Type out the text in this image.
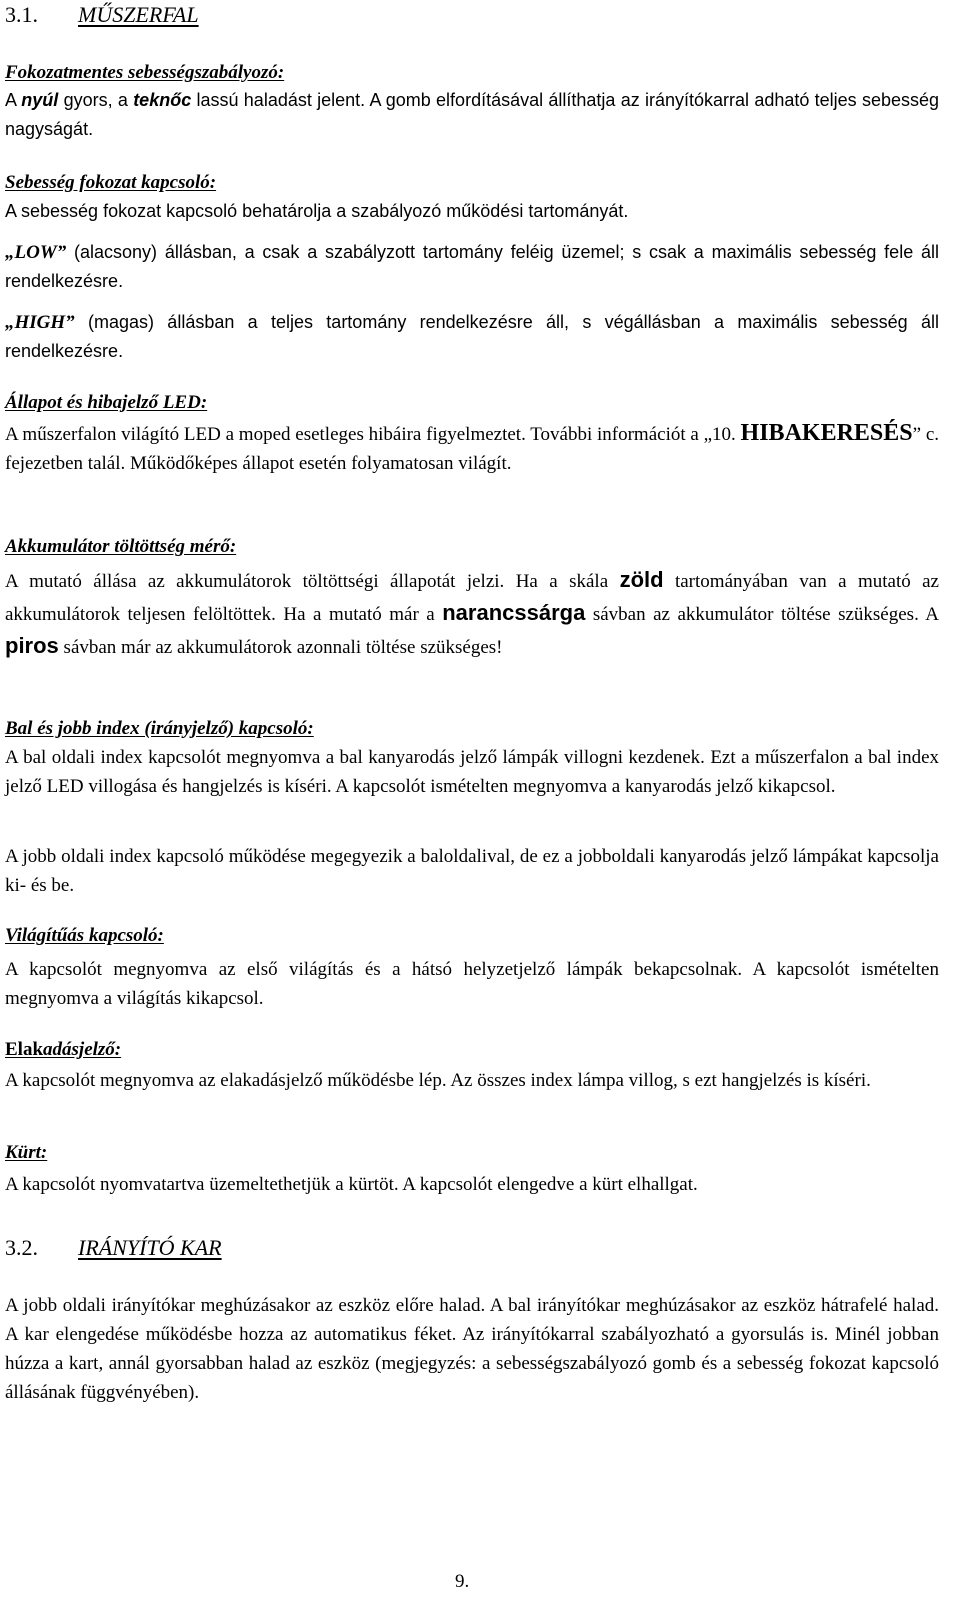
3.1. MŰSZERFAL
Fokozatmentes sebességszabályozó:

A nyúl gyors, a teknőc lassú haladást jelent. A gomb elfordításával állíthatja az irányítókarral adható teljes sebesség nagyságát.

Sebesség fokozat kapcsoló:

A sebesség fokozat kapcsoló behatárolja a szabályozó működési tartományát.

„LOW” (alacsony) állásban, a csak a szabályzott tartomány feléig üzemel; s csak a maximális sebesség fele áll rendelkezésre.

„HIGH” (magas) állásban a teljes tartomány rendelkezésre áll, s végállásban a maximális sebesség áll rendelkezésre.

Állapot és hibajelző LED:

A műszerfalon világító LED a moped esetleges hibáira figyelmeztet. További információt a „10. HIBAKERESÉS” c. fejezetben talál. Működőképes állapot esetén folyamatosan világít.

Akkumulátor töltöttség mérő:

A mutató állása az akkumulátorok töltöttségi állapotát jelzi. Ha a skála zöld tartományában van a mutató az akkumulátorok teljesen felöltöttek. Ha a mutató már a narancssárga sávban az akkumulátor töltése szükséges. A piros sávban már az akkumulátorok azonnali töltése szükséges!

Bal és jobb index (irányjelző) kapcsoló:

A bal oldali index kapcsolót megnyomva a bal kanyarodás jelző lámpák villogni kezdenek. Ezt a műszerfalon a bal index jelző LED villogása és hangjelzés is kíséri. A kapcsolót ismételten megnyomva a kanyarodás jelző kikapcsol.

A jobb oldali index kapcsoló működése megegyezik a baloldalival, de ez a jobboldali kanyarodás jelző lámpákat kapcsolja ki- és be.

Világítűás kapcsoló:

A kapcsolót megnyomva az első világítás és a hátsó helyzetjelző lámpák bekapcsolnak. A kapcsolót ismételten megnyomva a világítás kikapcsol.

Elakadásjelző:

A kapcsolót megnyomva az elakadásjelző működésbe lép. Az összes index lámpa villog, s ezt hangjelzés is kíséri.

Kürt:

A kapcsolót nyomvatartva üzemeltethetjük a kürtöt. A kapcsolót elengedve a kürt elhallgat.

3.2. IRÁNYÍTÓ KAR

A jobb oldali irányítókar meghúzásakor az eszköz előre halad. A bal irányítókar meghúzásakor az eszköz hátrafelé halad. A kar elengedése működésbe hozza az automatikus féket. Az irányítókarral szabályozható a gyorsulás is. Minél jobban húzza a kart, annál gyorsabban halad az eszköz (megjegyzés: a sebességszabályozó gomb és a sebesség fokozat kapcsoló állásának függvényében).

9.
